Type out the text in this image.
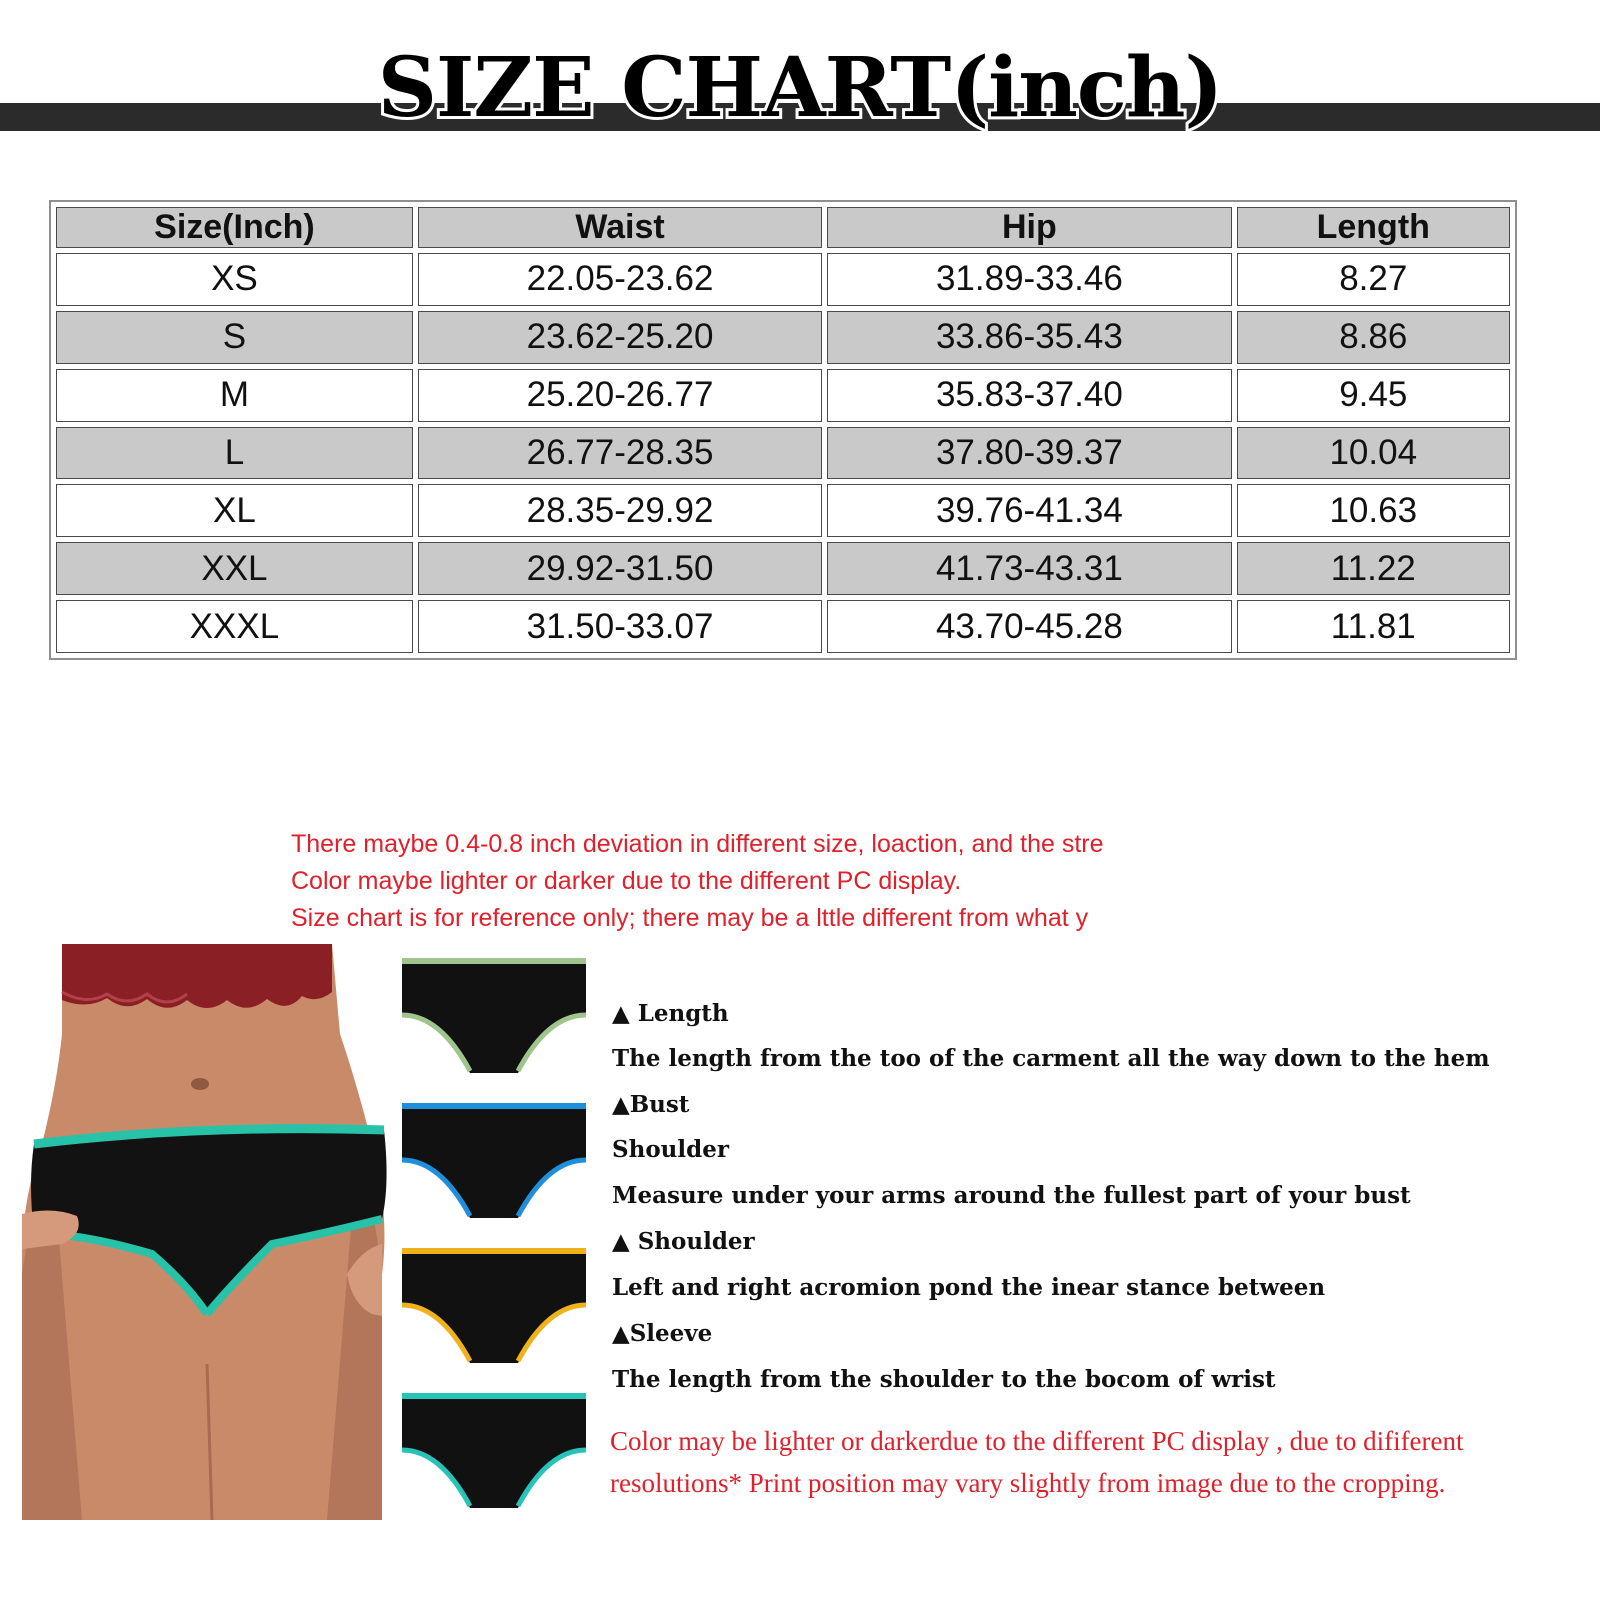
SIZE CHART(inch)
Size(Inch)	Waist	Hip	Length
XS	22.05-23.62	31.89-33.46	8.27
S	23.62-25.20	33.86-35.43	8.86
M	25.20-26.77	35.83-37.40	9.45
L	26.77-28.35	37.80-39.37	10.04
XL	28.35-29.92	39.76-41.34	10.63
XXL	29.92-31.50	41.73-43.31	11.22
XXXL	31.50-33.07	43.70-45.28	11.81
There maybe 0.4-0.8 inch deviation in different size, loaction, and the stre
Color maybe lighter or darker due to the different PC display.
Size chart is for reference only; there may be a lttle different from what y
▲ Length
The length from the too of the carment all the way down to the hem
▲Bust
Shoulder
Measure under your arms around the fullest part of your bust
▲ Shoulder
Left and right acromion pond the inear stance between
▲Sleeve
The length from the shoulder to the bocom of wrist
Color may be lighter or darkerdue to the different PC display , due to dififerent
resolutions* Print position may vary slightly from image due to the cropping.
